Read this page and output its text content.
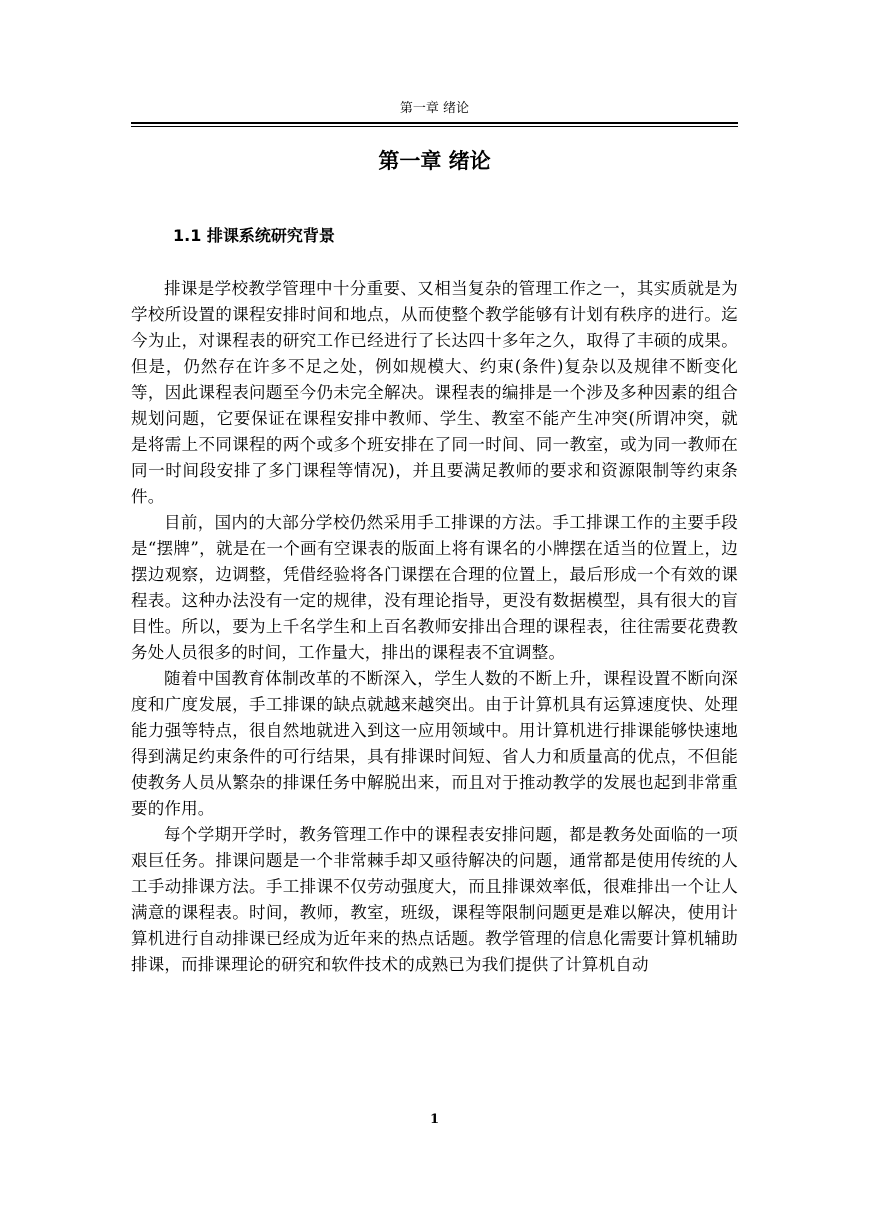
第一章 绪论
第一章 绪论
1.1 排课系统研究背景

排课是学校教学管理中十分重要、又相当复杂的管理工作之一，其实质就是为学校所设置的课程安排时间和地点，从而使整个教学能够有计划有秩序的进行。迄今为止，对课程表的研究工作已经进行了长达四十多年之久，取得了丰硕的成果。但是，仍然存在许多不足之处，例如规模大、约束(条件)复杂以及规律不断变化等，因此课程表问题至今仍未完全解决。课程表的编排是一个涉及多种因素的组合规划问题，它要保证在课程安排中教师、学生、教室不能产生冲突(所谓冲突，就是将需上不同课程的两个或多个班安排在了同一时间、同一教室，或为同一教师在同一时间段安排了多门课程等情况)，并且要满足教师的要求和资源限制等约束条件。

目前，国内的大部分学校仍然采用手工排课的方法。手工排课工作的主要手段是“摆牌”，就是在一个画有空课表的版面上将有课名的小牌摆在适当的位置上，边摆边观察，边调整，凭借经验将各门课摆在合理的位置上，最后形成一个有效的课程表。这种办法没有一定的规律，没有理论指导，更没有数据模型，具有很大的盲目性。所以，要为上千名学生和上百名教师安排出合理的课程表，往往需要花费教务处人员很多的时间，工作量大，排出的课程表不宜调整。

随着中国教育体制改革的不断深入，学生人数的不断上升，课程设置不断向深度和广度发展，手工排课的缺点就越来越突出。由于计算机具有运算速度快、处理能力强等特点，很自然地就进入到这一应用领域中。用计算机进行排课能够快速地得到满足约束条件的可行结果，具有排课时间短、省人力和质量高的优点，不但能使教务人员从繁杂的排课任务中解脱出来，而且对于推动教学的发展也起到非常重要的作用。

每个学期开学时，教务管理工作中的课程表安排问题，都是教务处面临的一项艰巨任务。排课问题是一个非常棘手却又亟待解决的问题，通常都是使用传统的人工手动排课方法。手工排课不仅劳动强度大，而且排课效率低，很难排出一个让人满意的课程表。时间，教师，教室，班级，课程等限制问题更是难以解决，使用计算机进行自动排课已经成为近年来的热点话题。教学管理的信息化需要计算机辅助排课，而排课理论的研究和软件技术的成熟已为我们提供了计算机自动

1
